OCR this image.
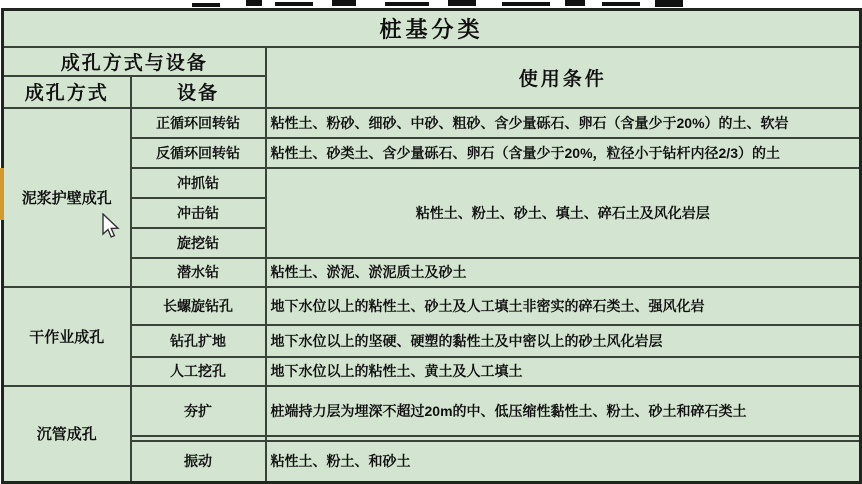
桩基分类		
成孔方式与设备		使用条件
成孔方式	设备	
泥浆护壁成孔	正循环回转钻	粘性土、粉砂、细砂、中砂、粗砂、含少量砾石、卵石（含量少于20%）的土、软岩
	反循环回转钻	粘性土、砂类土、含少量砾石、卵石（含量少于20%，粒径小于钻杆内径2/3）的土
	冲抓钻	粘性土、粉土、砂土、填土、碎石土及风化岩层
	冲击钻	
	旋挖钻	
	潜水钻	粘性土、淤泥、淤泥质土及砂土
干作业成孔	长螺旋钻孔	地下水位以上的粘性土、砂土及人工填土非密实的碎石类土、强风化岩
	钻孔扩地	地下水位以上的坚硬、硬塑的黏性土及中密以上的砂土风化岩层
	人工挖孔	地下水位以上的粘性土、黄土及人工填土
沉管成孔	夯扩	桩端持力层为埋深不超过20m的中、低压缩性黏性土、粉土、砂土和碎石类土

	振动	粘性土、粉土、和砂土
